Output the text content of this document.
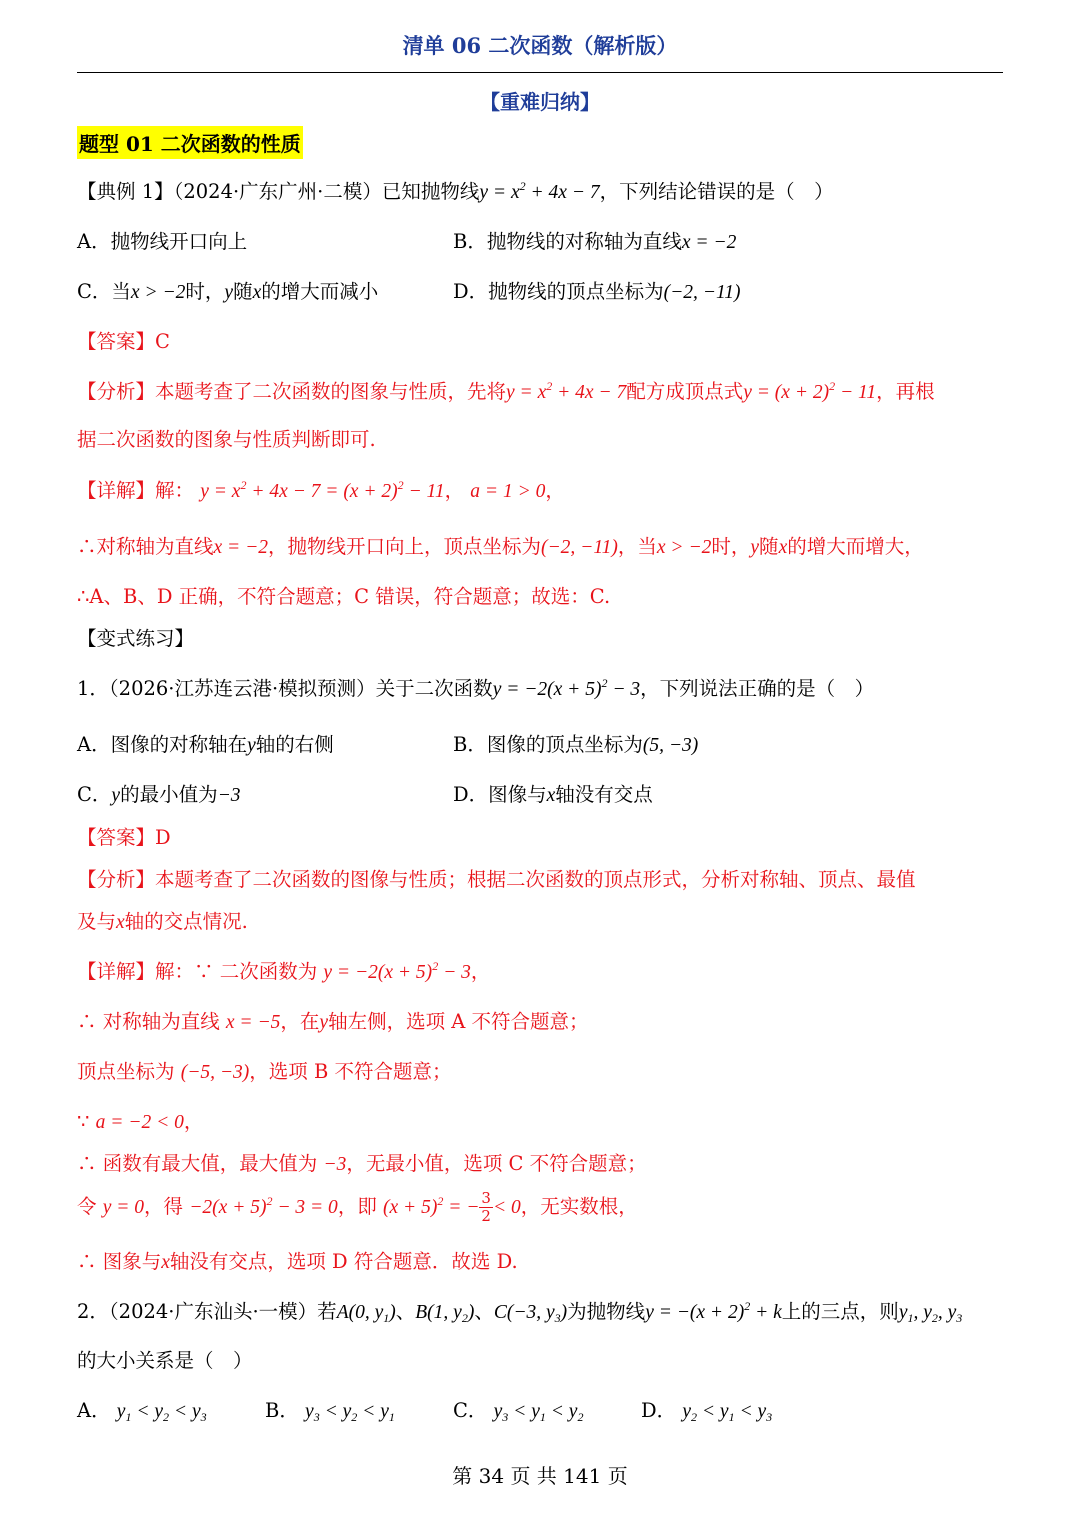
清单 06 二次函数（解析版）
【重难归纳】
题型 01 二次函数的性质
【典例 1】（2024·广东广州·二模）已知抛物线$y = x^2 + 4x - 7$，下列结论错误的是（　）
A．抛物线开口向上	B．抛物线的对称轴为直线x = −2
C．当x > −2时，y随x的增大而减小	D．抛物线的顶点坐标为(−2, −11)
【答案】C
【分析】本题考查了二次函数的图象与性质，先将$y = x^2 + 4x - 7$配方成顶点式$y = (x + 2)^2 - 11$，再根
据二次函数的图象与性质判断即可.
【详解】解： $y = x^2 + 4x - 7 = (x + 2)^2 - 11$， a = 1 > 0，
∴对称轴为直线x = −2，抛物线开口向上，顶点坐标为(−2, −11)，当x > −2时，y随x的增大而增大，
∴A、B、D 正确，不符合题意；C 错误，符合题意；故选：C.
【变式练习】
1．（2026·江苏连云港·模拟预测）关于二次函数$y = -2(x + 5)^2 - 3$，下列说法正确的是（　）
A．图像的对称轴在y轴的右侧	B．图像的顶点坐标为(5, −3)
C．y的最小值为−3	D．图像与x轴没有交点
【答案】D
【分析】本题考查了二次函数的图像与性质；根据二次函数的顶点形式，分析对称轴、顶点、最值
及与x轴的交点情况.
【详解】解：∵ 二次函数为 $y = -2(x + 5)^2 - 3$，
∴ 对称轴为直线 x = −5，在y轴左侧，选项 A 不符合题意；
顶点坐标为 (−5, −3)，选项 B 不符合题意；
∵ a = −2 < 0，
∴ 函数有最大值，最大值为 −3，无最小值，选项 C 不符合题意；
令 y = 0，得 $-2(x + 5)^2 - 3 = 0$，即 $(x + 5)^2$ = − $\frac{3}{2} < 0$，无实数根，
∴ 图象与x轴没有交点，选项 D 符合题意．故选 D.
2．（2024·广东汕头·一模）若A(0, $y_1$)、B(1, $y_2$)、C(−3, $y_3$)为抛物线$y = -(x + 2)^2 + k$上的三点，则$y_1$, $y_2$, $y_3$
的大小关系是（　）
A． $y_1 < y_2 < y_3$	B． $y_3 < y_2 < y_1$	C． $y_3 < y_1 < y_2$	D． $y_2 < y_1 < y_3$
第 34 页 共 141 页
